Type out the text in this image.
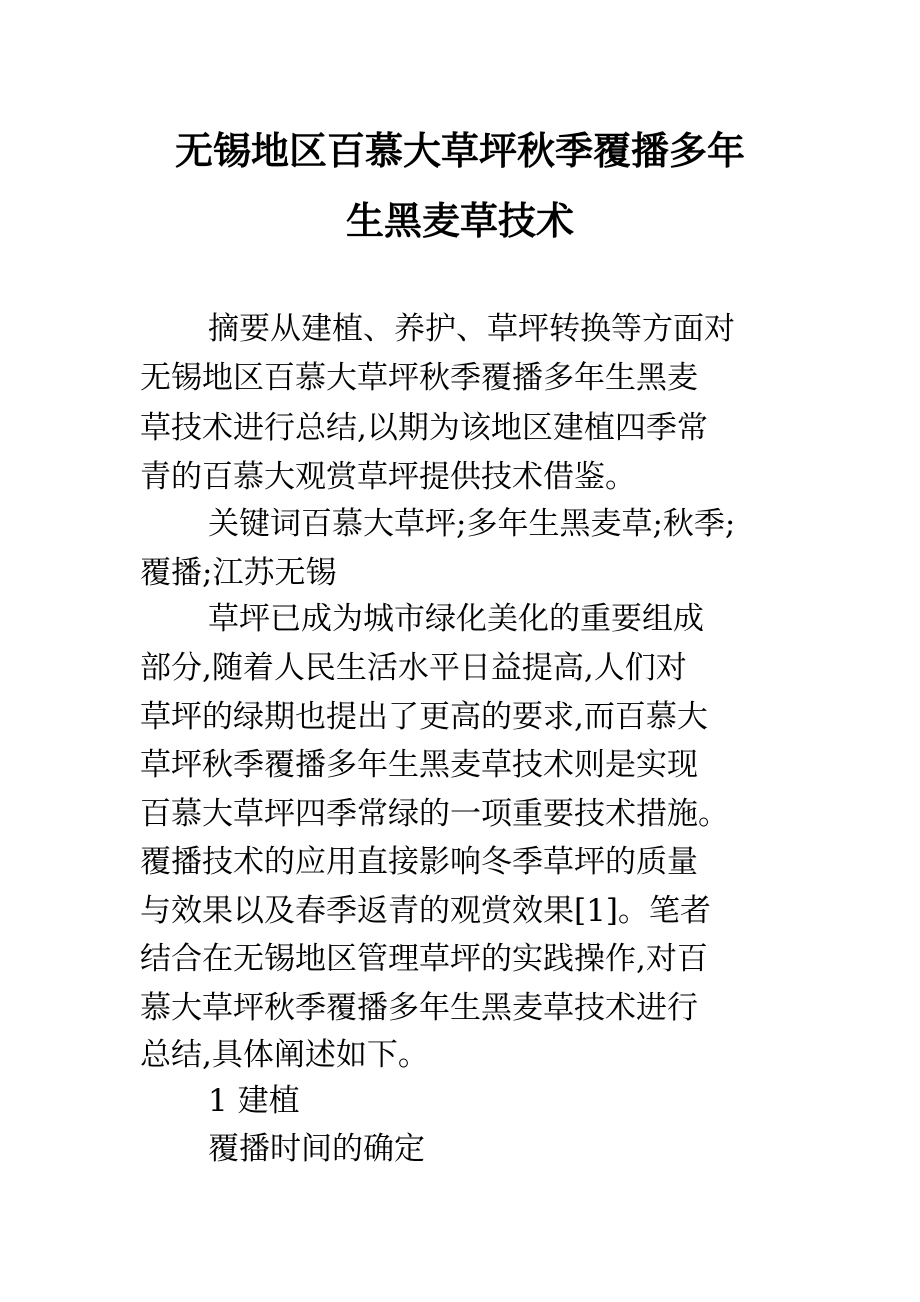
无锡地区百慕大草坪秋季覆播多年
生黑麦草技术
摘要从建植、养护、草坪转换等方面对
无锡地区百慕大草坪秋季覆播多年生黑麦
草技术进行总结,以期为该地区建植四季常
青的百慕大观赏草坪提供技术借鉴。
关键词百慕大草坪;多年生黑麦草;秋季;
覆播;江苏无锡
草坪已成为城市绿化美化的重要组成
部分,随着人民生活水平日益提高,人们对
草坪的绿期也提出了更高的要求,而百慕大
草坪秋季覆播多年生黑麦草技术则是实现
百慕大草坪四季常绿的一项重要技术措施。
覆播技术的应用直接影响冬季草坪的质量
与效果以及春季返青的观赏效果[1]。笔者
结合在无锡地区管理草坪的实践操作,对百
慕大草坪秋季覆播多年生黑麦草技术进行
总结,具体阐述如下。
1 建植
覆播时间的确定
